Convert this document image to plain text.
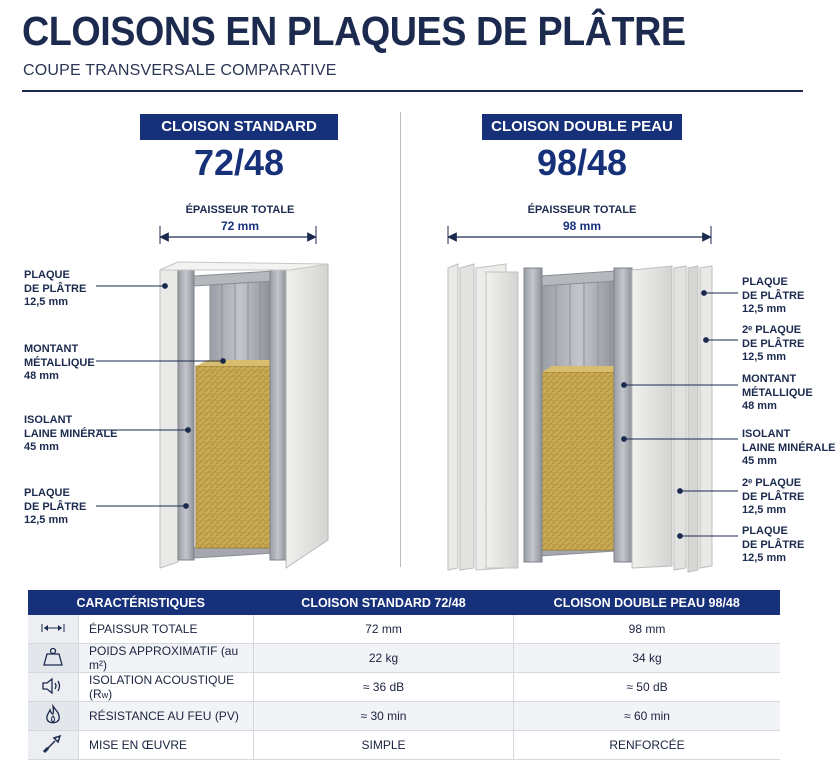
CLOISONS EN PLAQUES DE PLÂTRE
COUPE TRANSVERSALE COMPARATIVE
CLOISON STANDARD
72/48
ÉPAISSEUR TOTALE
72 mm
CLOISON DOUBLE PEAU
98/48
ÉPAISSEUR TOTALE
98 mm
PLAQUE
DE PLÂTRE
12,5 mm
MONTANT
MÉTALLIQUE
48 mm
ISOLANT
LAINE MINÉRALE
45 mm
PLAQUE
DE PLÂTRE
12,5 mm
PLAQUE
DE PLÂTRE
12,5 mm
2ᵉ PLAQUE
DE PLÂTRE
12,5 mm
MONTANT
MÉTALLIQUE
48 mm
ISOLANT
LAINE MINÉRALE
45 mm
2ᵉ PLAQUE
DE PLÂTRE
12,5 mm
PLAQUE
DE PLÂTRE
12,5 mm
CARACTÉRISTIQUES		CLOISON STANDARD 72/48	CLOISON DOUBLE PEAU 98/48
	ÉPAISSUR TOTALE	72 mm	98 mm
	POIDS APPROXIMATIF (au m²)	22 kg	34 kg
	ISOLATION ACOUSTIQUE (Rw)	≈ 36 dB	≈ 50 dB
	RÉSISTANCE AU FEU (PV)	≈ 30 min	≈ 60 min
	MISE EN ŒUVRE	SIMPLE	RENFORCÉE
